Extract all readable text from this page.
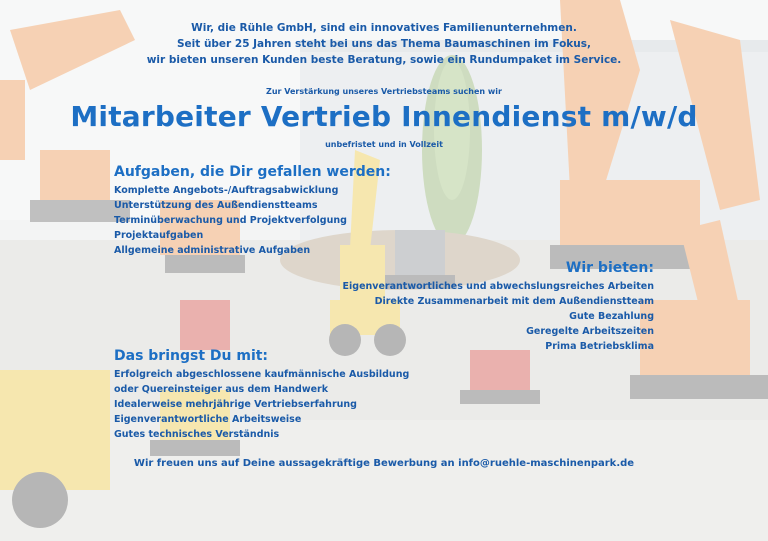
Wir, die Rühle GmbH, sind ein innovatives Familienunternehmen.
Seit über 25 Jahren steht bei uns das Thema Baumaschinen im Fokus,
wir bieten unseren Kunden beste Beratung, sowie ein Rundumpaket im Service.
Zur Verstärkung unseres Vertriebsteams suchen wir
Mitarbeiter Vertrieb Innendienst m/w/d
unbefristet und in Vollzeit
Aufgaben, die Dir gefallen werden:
Komplette Angebots-/Auftragsabwicklung
Unterstützung des Außendienstteams
Terminüberwachung und Projektverfolgung
Projektaufgaben
Allgemeine administrative Aufgaben
Wir bieten:
Eigenverantwortliches und abwechslungsreiches Arbeiten
Direkte Zusammenarbeit mit dem Außendienstteam
Gute Bezahlung
Geregelte Arbeitszeiten
Prima Betriebsklima
Das bringst Du mit:
Erfolgreich abgeschlossene kaufmännische Ausbildung
oder Quereinsteiger aus dem Handwerk
Idealerweise mehrjährige Vertriebserfahrung
Eigenverantwortliche Arbeitsweise
Gutes technisches Verständnis
Wir freuen uns auf Deine aussagekräftige Bewerbung an info@ruehle-maschinenpark.de
